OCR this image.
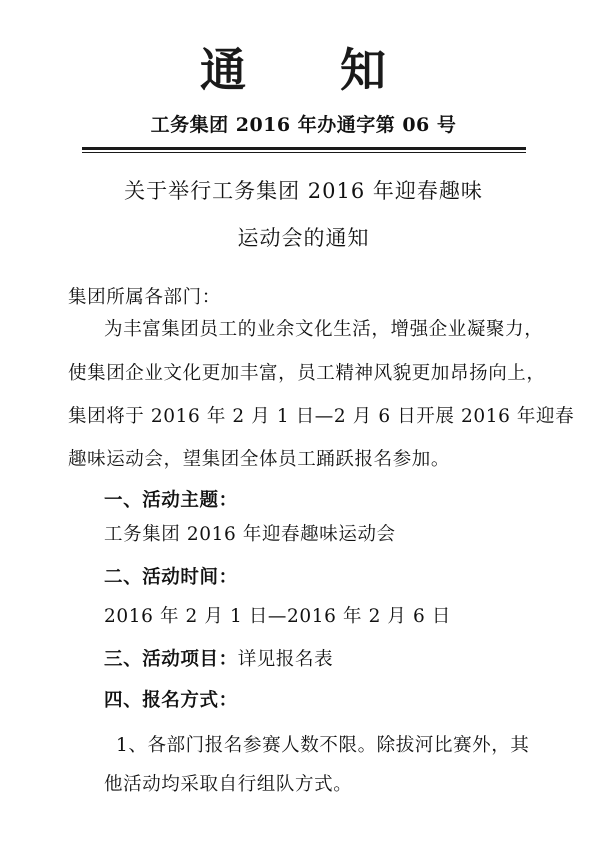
通 知
工务集团 2016 年办通字第 06 号
关于举行工务集团 2016 年迎春趣味
运动会的通知
集团所属各部门：
为丰富集团员工的业余文化生活，增强企业凝聚力，
使集团企业文化更加丰富，员工精神风貌更加昂扬向上，
集团将于 2016 年 2 月 1 日—2 月 6 日开展 2016 年迎春
趣味运动会，望集团全体员工踊跃报名参加。
一、活动主题：
工务集团 2016 年迎春趣味运动会
二、活动时间：
2016 年 2 月 1 日—2016 年 2 月 6 日
三、活动项目：详见报名表
四、报名方式：
1、各部门报名参赛人数不限。除拔河比赛外，其
他活动均采取自行组队方式。
